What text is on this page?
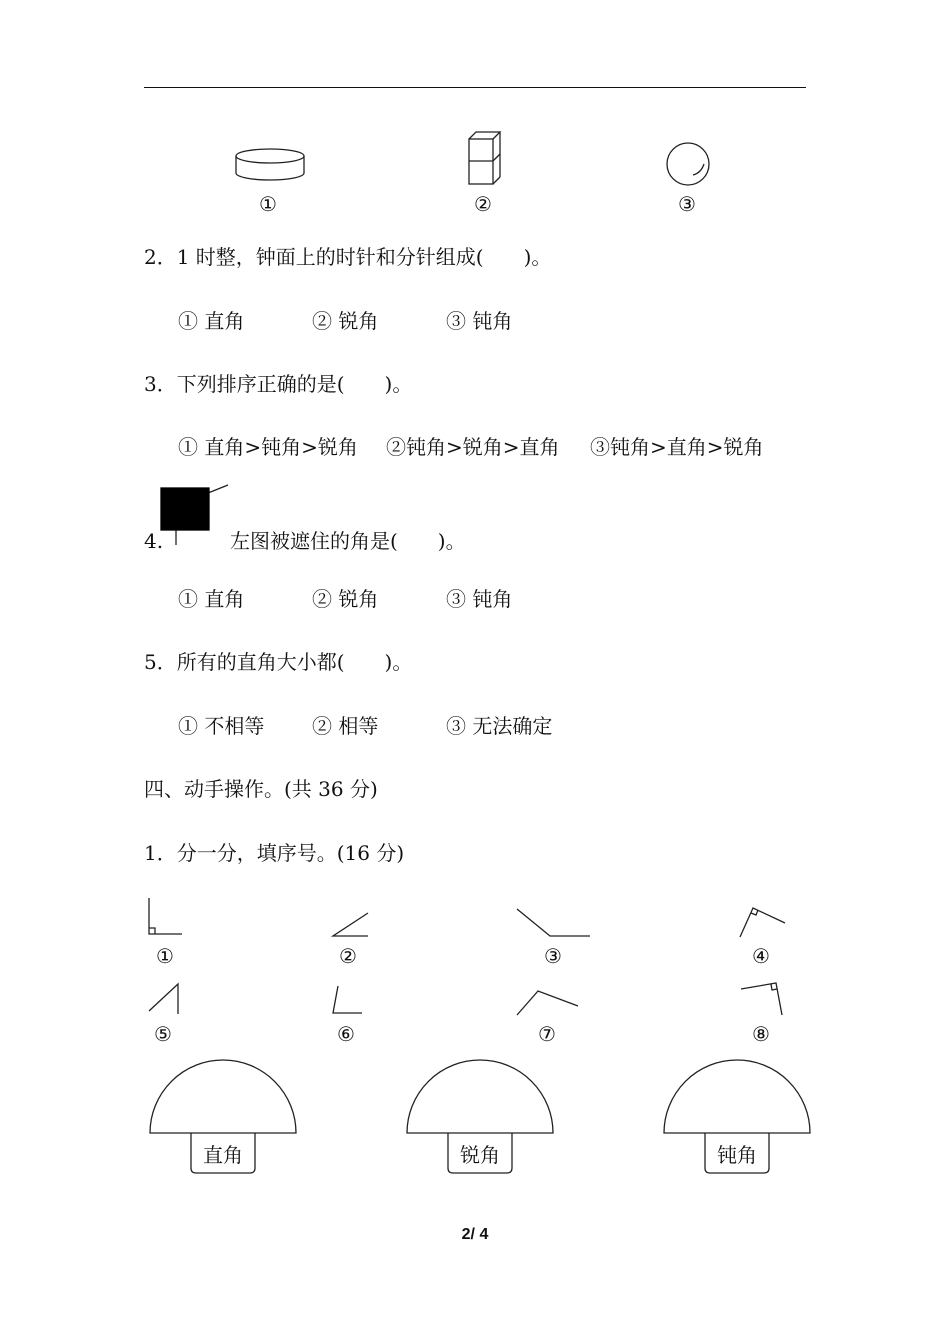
①	②	③
2．1 时整，钟面上的时针和分针组成(　　)。
① 直角	② 锐角	③ 钝角
3．下列排序正确的是(　　)。
① 直角>钝角>锐角 ②钝角>锐角>直角 ③钝角>直角>锐角
4.	左图被遮住的角是(　　)。
① 直角	② 锐角	③ 钝角
5．所有的直角大小都(　　)。
① 不相等 ② 相等	③ 无法确定
四、动手操作。(共 36 分)
1．分一分，填序号。(16 分)
①	②	③	④
⑤	⑥	⑦	⑧
直角	锐角	钝角
2/ 4
